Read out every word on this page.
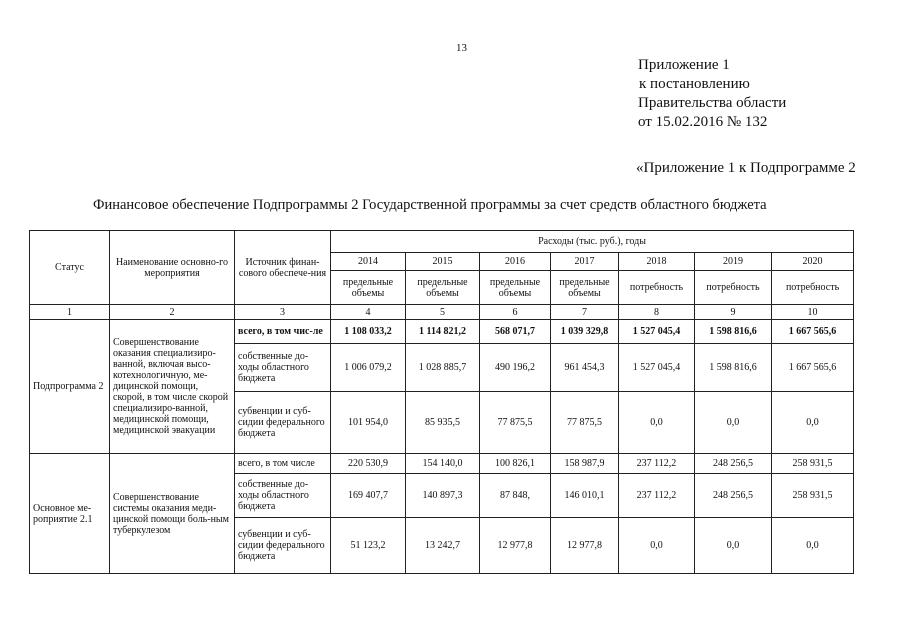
13
Приложение 1
к постановлению
Правительства области
от 15.02.2016 № 132
«Приложение 1 к Подпрограмме 2
Финансовое обеспечение Подпрограммы 2 Государственной программы за счет средств областного бюджета
Статус	Наименование основно-го мероприятия	Источник финан-сового обеспече-ния	Расходы (тыс. руб.), годы						
			2014	2015	2016	2017	2018	2019	2020
			предельные объемы	предельные объемы	предельные объемы	предельные объемы	потребность	потребность	потребность
1	2	3	4	5	6	7	8	9	10
Подпрограмма 2	Совершенствование оказания специализиро-ванной, включая высо-котехнологичную, ме-дицинской помощи, скорой, в том числе скорой специализиро-ванной, медицинской помощи, медицинской эвакуации	всего, в том чис-ле	1 108 033,2	1 114 821,2	568 071,7	1 039 329,8	1 527 045,4	1 598 816,6	1 667 565,6
		собственные до-ходы областного бюджета	1 006 079,2	1 028 885,7	490 196,2	961 454,3	1 527 045,4	1 598 816,6	1 667 565,6
		субвенции и суб-сидии федерального бюджета	101 954,0	85 935,5	77 875,5	77 875,5	0,0	0,0	0,0
Основное ме-роприятие 2.1	Совершенствование системы оказания меди-цинской помощи боль-ным туберкулезом	всего, в том числе	220 530,9	154 140,0	100 826,1	158 987,9	237 112,2	248 256,5	258 931,5
		собственные до-ходы областного бюджета	169 407,7	140 897,3	87 848,	146 010,1	237 112,2	248 256,5	258 931,5
		субвенции и суб-сидии федерального бюджета	51 123,2	13 242,7	12 977,8	12 977,8	0,0	0,0	0,0
